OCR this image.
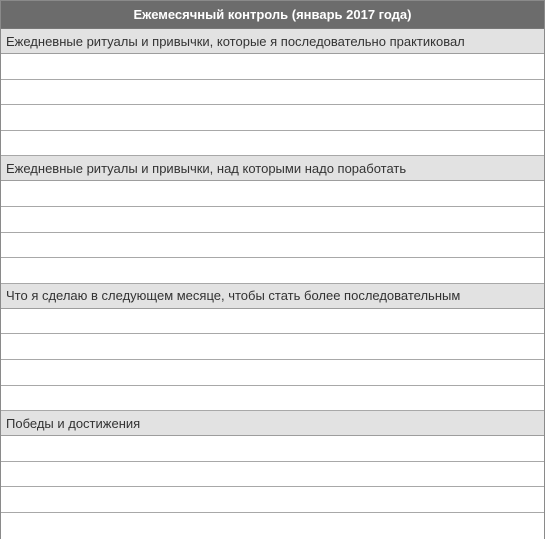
Ежемесячный контроль (январь 2017 года)
Ежедневные ритуалы и привычки, которые я последовательно практиковал
Ежедневные ритуалы и привычки, над которыми надо поработать
Что я сделаю в следующем месяце, чтобы стать более последовательным
Победы и достижения
